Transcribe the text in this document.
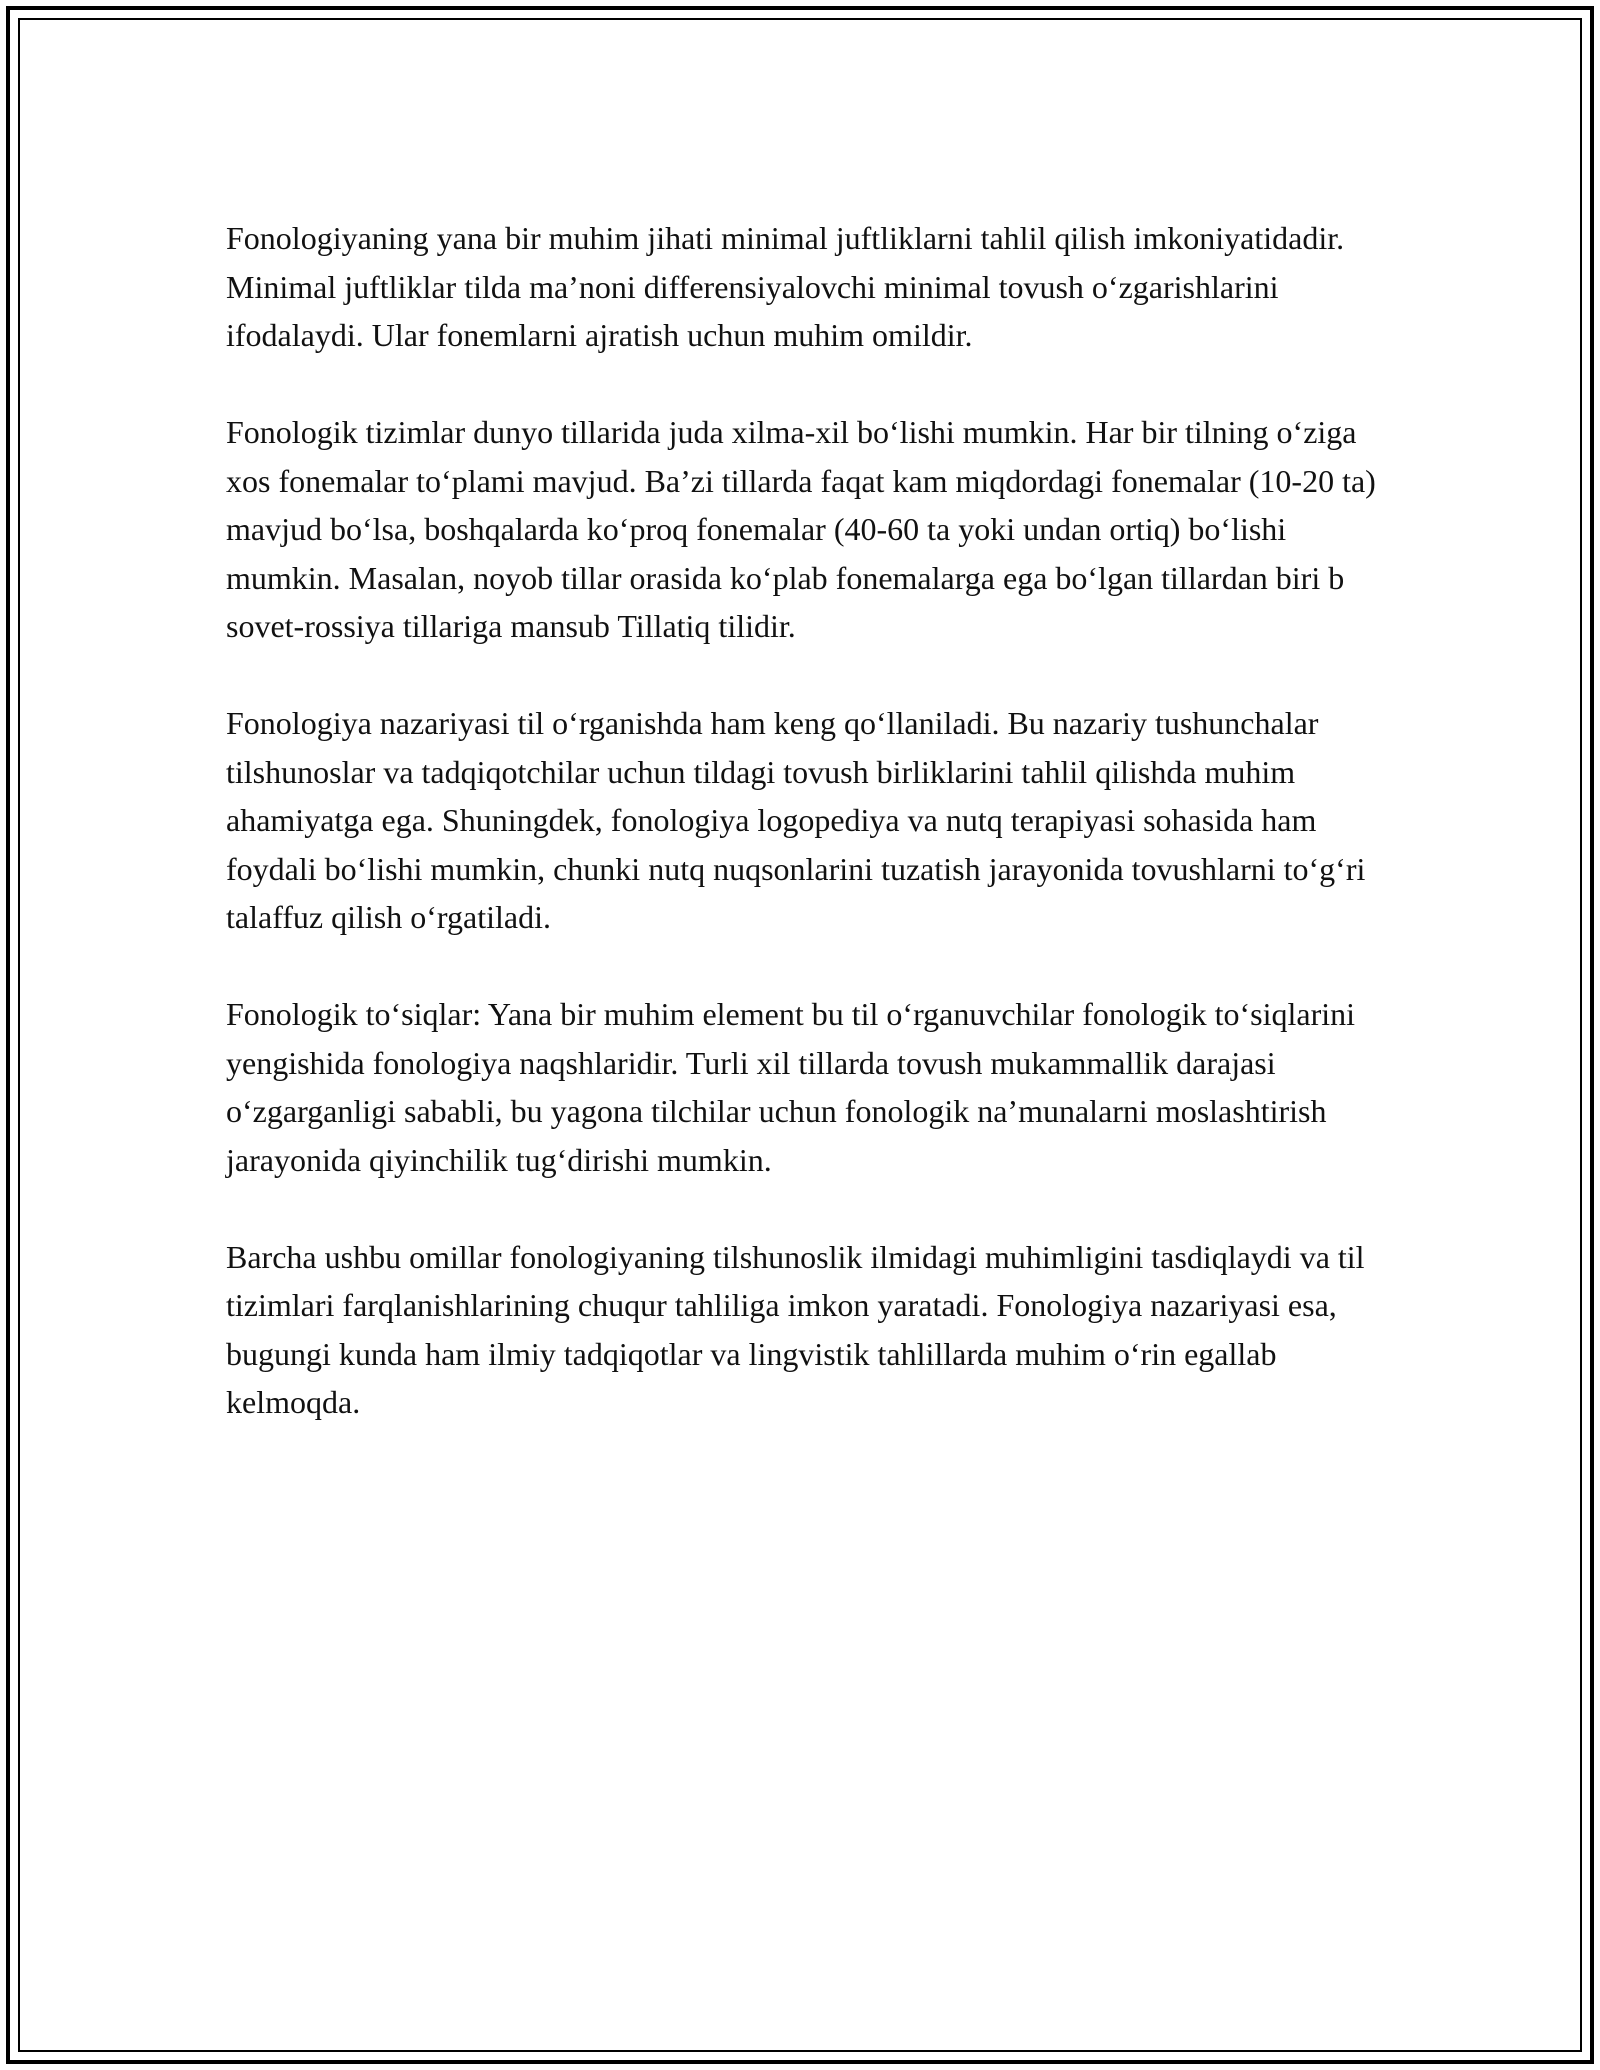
Fonologiyaning yana bir muhim jihati minimal juftliklarni tahlil qilish imkoniyatidadir. Minimal juftliklar tilda ma’noni differensiyalovchi minimal tovush o‘zgarishlarini ifodalaydi. Ular fonemlarni ajratish uchun muhim omildir.

Fonologik tizimlar dunyo tillarida juda xilma-xil bo‘lishi mumkin. Har bir tilning o‘ziga xos fonemalar to‘plami mavjud. Ba’zi tillarda faqat kam miqdordagi fonemalar (10-20 ta) mavjud bo‘lsa, boshqalarda ko‘proq fonemalar (40-60 ta yoki undan ortiq) bo‘lishi mumkin. Masalan, noyob tillar orasida ko‘plab fonemalarga ega bo‘lgan tillardan biri b sovet-rossiya tillariga mansub Tillatiq tilidir.

Fonologiya nazariyasi til o‘rganishda ham keng qo‘llaniladi. Bu nazariy tushunchalar tilshunoslar va tadqiqotchilar uchun tildagi tovush birliklarini tahlil qilishda muhim ahamiyatga ega. Shuningdek, fonologiya logopediya va nutq terapiyasi sohasida ham foydali bo‘lishi mumkin, chunki nutq nuqsonlarini tuzatish jarayonida tovushlarni to‘g‘ri talaffuz qilish o‘rgatiladi.

Fonologik to‘siqlar: Yana bir muhim element bu til o‘rganuvchilar fonologik to‘siqlarini yengishida fonologiya naqshlaridir. Turli xil tillarda tovush mukammallik darajasi o‘zgarganligi sababli, bu yagona tilchilar uchun fonologik na’munalarni moslashtirish jarayonida qiyinchilik tug‘dirishi mumkin.

Barcha ushbu omillar fonologiyaning tilshunoslik ilmidagi muhimligini tasdiqlaydi va til tizimlari farqlanishlarining chuqur tahliliga imkon yaratadi. Fonologiya nazariyasi esa, bugungi kunda ham ilmiy tadqiqotlar va lingvistik tahlillarda muhim o‘rin egallab kelmoqda.
